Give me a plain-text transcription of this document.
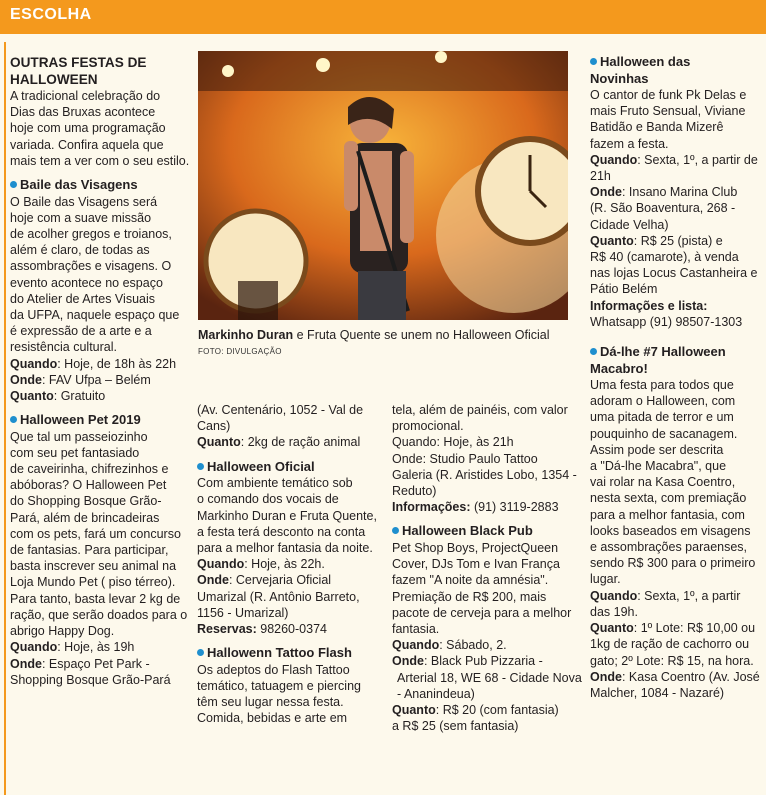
ESCOLHA

OUTRAS FESTAS DE

HALLOWEEN

A tradicional celebração do

Dias das Bruxas acontece

hoje com uma programação

variada. Confira aquela que

mais tem a ver com o seu estilo.

Baile das Visagens

O Baile das Visagens será

hoje com a suave missão

de acolher gregos e troianos,

além é claro, de todas as

assombrações e visagens. O

evento acontece no espaço

do Atelier de Artes Visuais

da UFPA, naquele espaço que

é expressão de a arte e a

resistência cultural.

Quando: Hoje, de 18h às 22h

Onde: FAV Ufpa – Belém

Quanto: Gratuito

Halloween Pet 2019

Que tal um passeiozinho

com seu pet fantasiado

de caveirinha, chifrezinhos e

abóboras? O Halloween Pet

do Shopping Bosque Grão-

Pará, além de brincadeiras

com os pets, fará um concurso

de fantasias. Para participar,

basta inscrever seu animal na

Loja Mundo Pet ( piso térreo).

Para tanto, basta levar 2 kg de

ração, que serão doados para o

abrigo Happy Dog.

Quando: Hoje, às 19h

Onde: Espaço Pet Park -

Shopping Bosque Grão-Pará

Markinho Duran e Fruta Quente se unem no Halloween Oficial
FOTO: DIVULGAÇÃO

(Av. Centenário, 1052 - Val de

Cans)

Quanto: 2kg de ração animal

Halloween Oficial

Com ambiente temático sob

o comando dos vocais de

Markinho Duran e Fruta Quente,

a festa terá desconto na conta

para a melhor fantasia da noite.

Quando: Hoje, às 22h.

Onde: Cervejaria Oficial

Umarizal (R. Antônio Barreto,

1156 - Umarizal)

Reservas: 98260-0374

Hallowenn Tattoo Flash

Os adeptos do Flash Tattoo

temático, tatuagem e piercing

têm seu lugar nessa festa.

Comida, bebidas e arte em

tela, além de painéis, com valor

promocional.

Quando: Hoje, às 21h

Onde: Studio Paulo Tattoo

Galeria (R. Aristides Lobo, 1354 -

Reduto)

Informações: (91) 3119-2883

Halloween Black Pub

Pet Shop Boys, ProjectQueen

Cover, DJs Tom e Ivan França

fazem "A noite da amnésia".

Premiação de R$ 200, mais

pacote de cerveja para a melhor

fantasia.

Quando: Sábado, 2.

Onde: Black Pub Pizzaria -

Arterial 18, WE 68 - Cidade Nova

- Ananindeua)

Quanto: R$ 20 (com fantasia)

a R$ 25 (sem fantasia)

Halloween das

Novinhas

O cantor de funk Pk Delas e

mais Fruto Sensual, Viviane

Batidão e Banda Mizerê

fazem a festa.

Quando: Sexta, 1º, a partir de

21h

Onde: Insano Marina Club

(R. São Boaventura, 268 -

Cidade Velha)

Quanto: R$ 25 (pista) e

R$ 40 (camarote), à venda

nas lojas Locus Castanheira e

Pátio Belém

Informações e lista:

Whatsapp (91) 98507-1303

Dá-lhe #7 Halloween

Macabro!

Uma festa para todos que

adoram o Halloween, com

uma pitada de terror e um

pouquinho de sacanagem.

Assim pode ser descrita

a "Dá-lhe Macabra", que

vai rolar na Kasa Coentro,

nesta sexta, com premiação

para a melhor fantasia, com

looks baseados em visagens

e assombrações paraenses,

sendo R$ 300 para o primeiro

lugar.

Quando: Sexta, 1º, a partir

das 19h.

Quanto: 1º Lote: R$ 10,00 ou

1kg de ração de cachorro ou

gato; 2º Lote: R$ 15, na hora.

Onde: Kasa Coentro (Av. José

Malcher, 1084 - Nazaré)
